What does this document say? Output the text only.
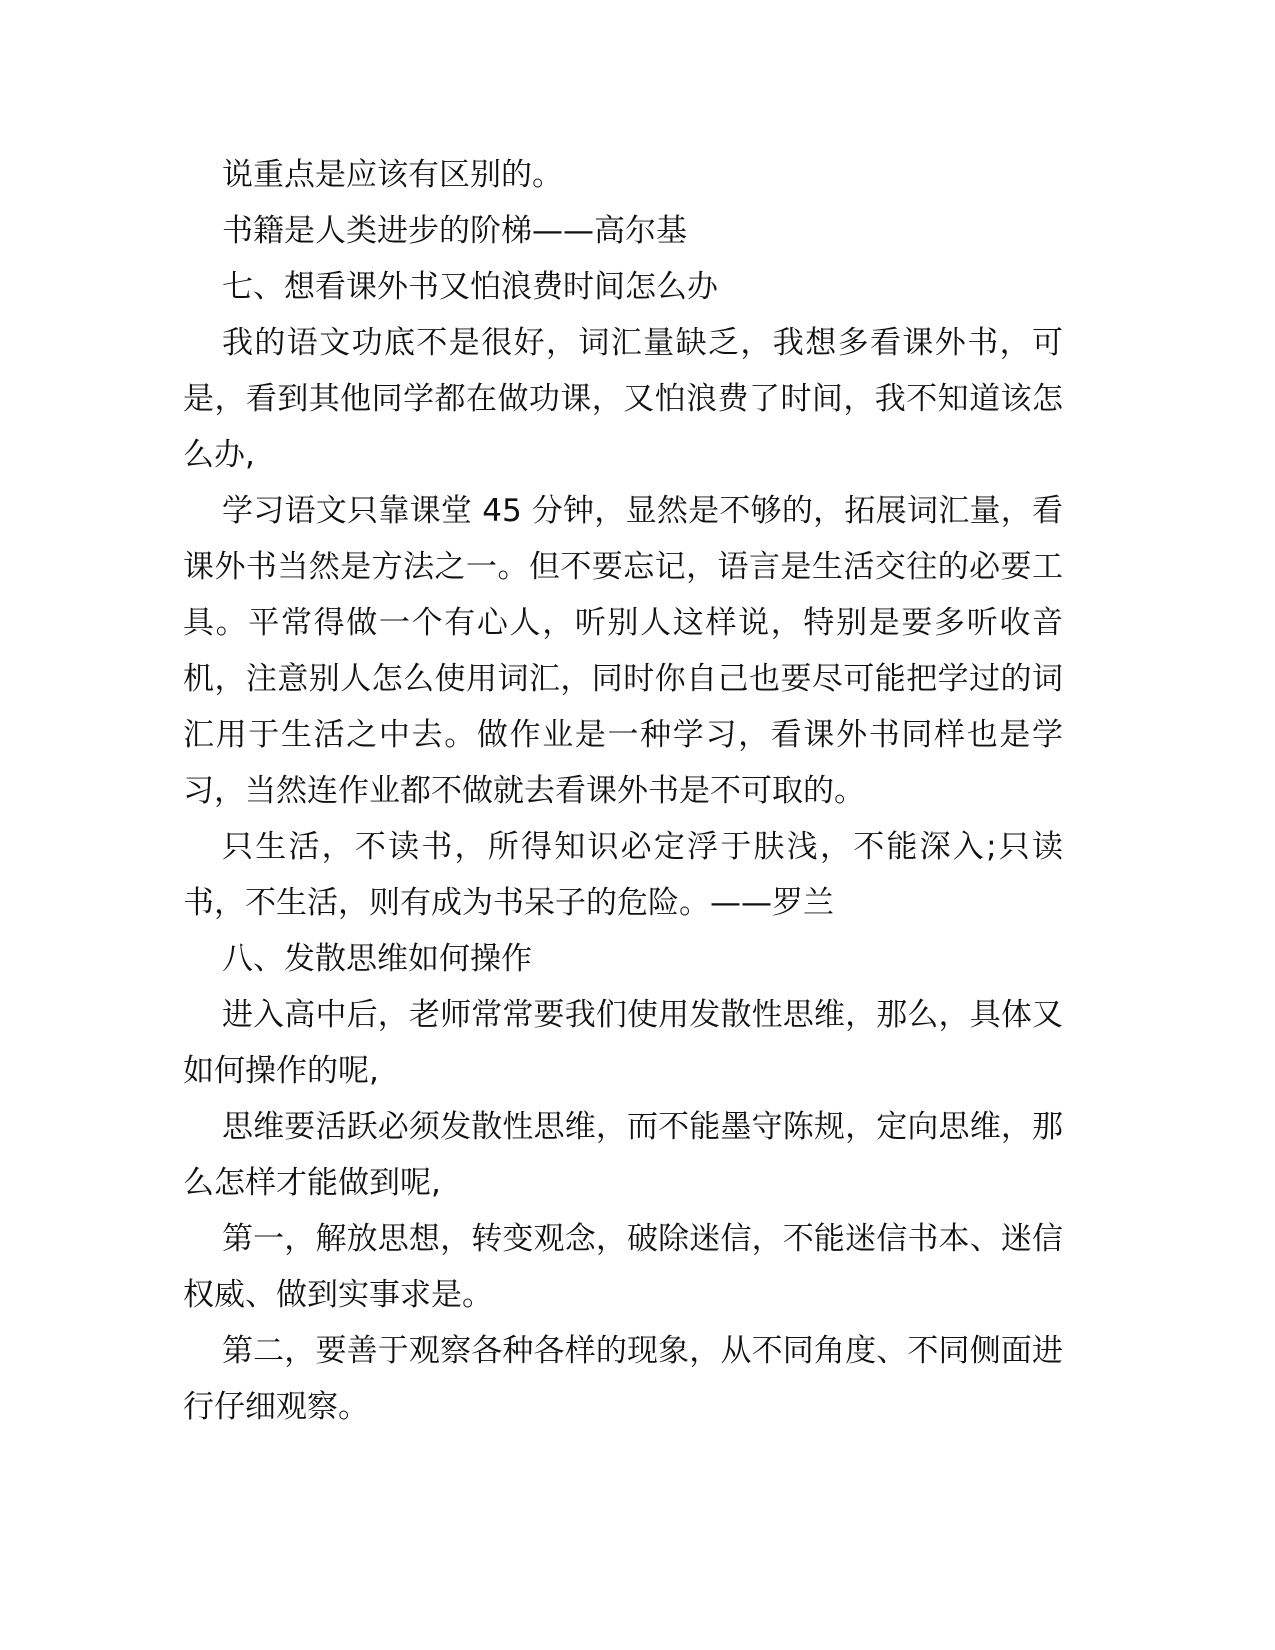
说重点是应该有区别的。

书籍是人类进步的阶梯——高尔基

七、想看课外书又怕浪费时间怎么办

我的语文功底不是很好，词汇量缺乏，我想多看课外书，可是，看到其他同学都在做功课，又怕浪费了时间，我不知道该怎么办,

学习语文只靠课堂 45 分钟，显然是不够的，拓展词汇量，看课外书当然是方法之一。但不要忘记，语言是生活交往的必要工具。平常得做一个有心人，听别人这样说，特别是要多听收音机，注意别人怎么使用词汇，同时你自己也要尽可能把学过的词汇用于生活之中去。做作业是一种学习，看课外书同样也是学习，当然连作业都不做就去看课外书是不可取的。

只生活，不读书，所得知识必定浮于肤浅，不能深入;只读书，不生活，则有成为书呆子的危险。——罗兰

八、发散思维如何操作

进入高中后，老师常常要我们使用发散性思维，那么，具体又如何操作的呢,

思维要活跃必须发散性思维，而不能墨守陈规，定向思维，那么怎样才能做到呢,

第一，解放思想，转变观念，破除迷信，不能迷信书本、迷信权威、做到实事求是。

第二，要善于观察各种各样的现象，从不同角度、不同侧面进行仔细观察。
